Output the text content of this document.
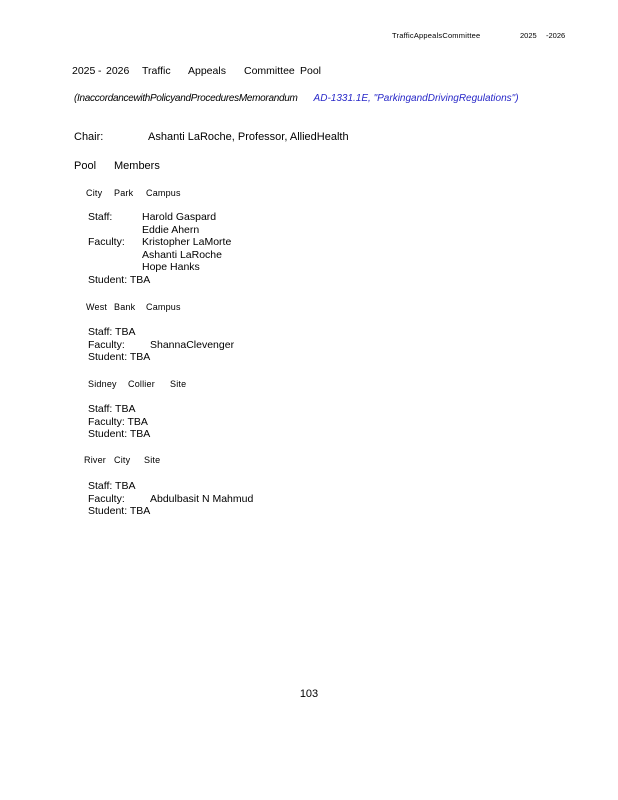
TrafficAppealsCommittee	2025 -2026
2025 - 2026 Traffic Appeals Committee Pool
(InaccordancewithPolicyandProceduresMemorandum AD-1331.1E, "ParkingandDrivingRegulations")
Chair:	Ashanti LaRoche, Professor, AlliedHealth
Pool Members
City Park Campus
Staff:	Harold Gaspard
Eddie Ahern
Faculty: Kristopher LaMorte
Ashanti LaRoche
Hope Hanks
Student: TBA
West Bank Campus
Staff: TBA
Faculty: ShannaClevenger
Student: TBA
Sidney Collier Site
Staff: TBA
Faculty: TBA
Student: TBA
River City Site
Staff: TBA
Faculty: Abdulbasit N Mahmud
Student: TBA
103
